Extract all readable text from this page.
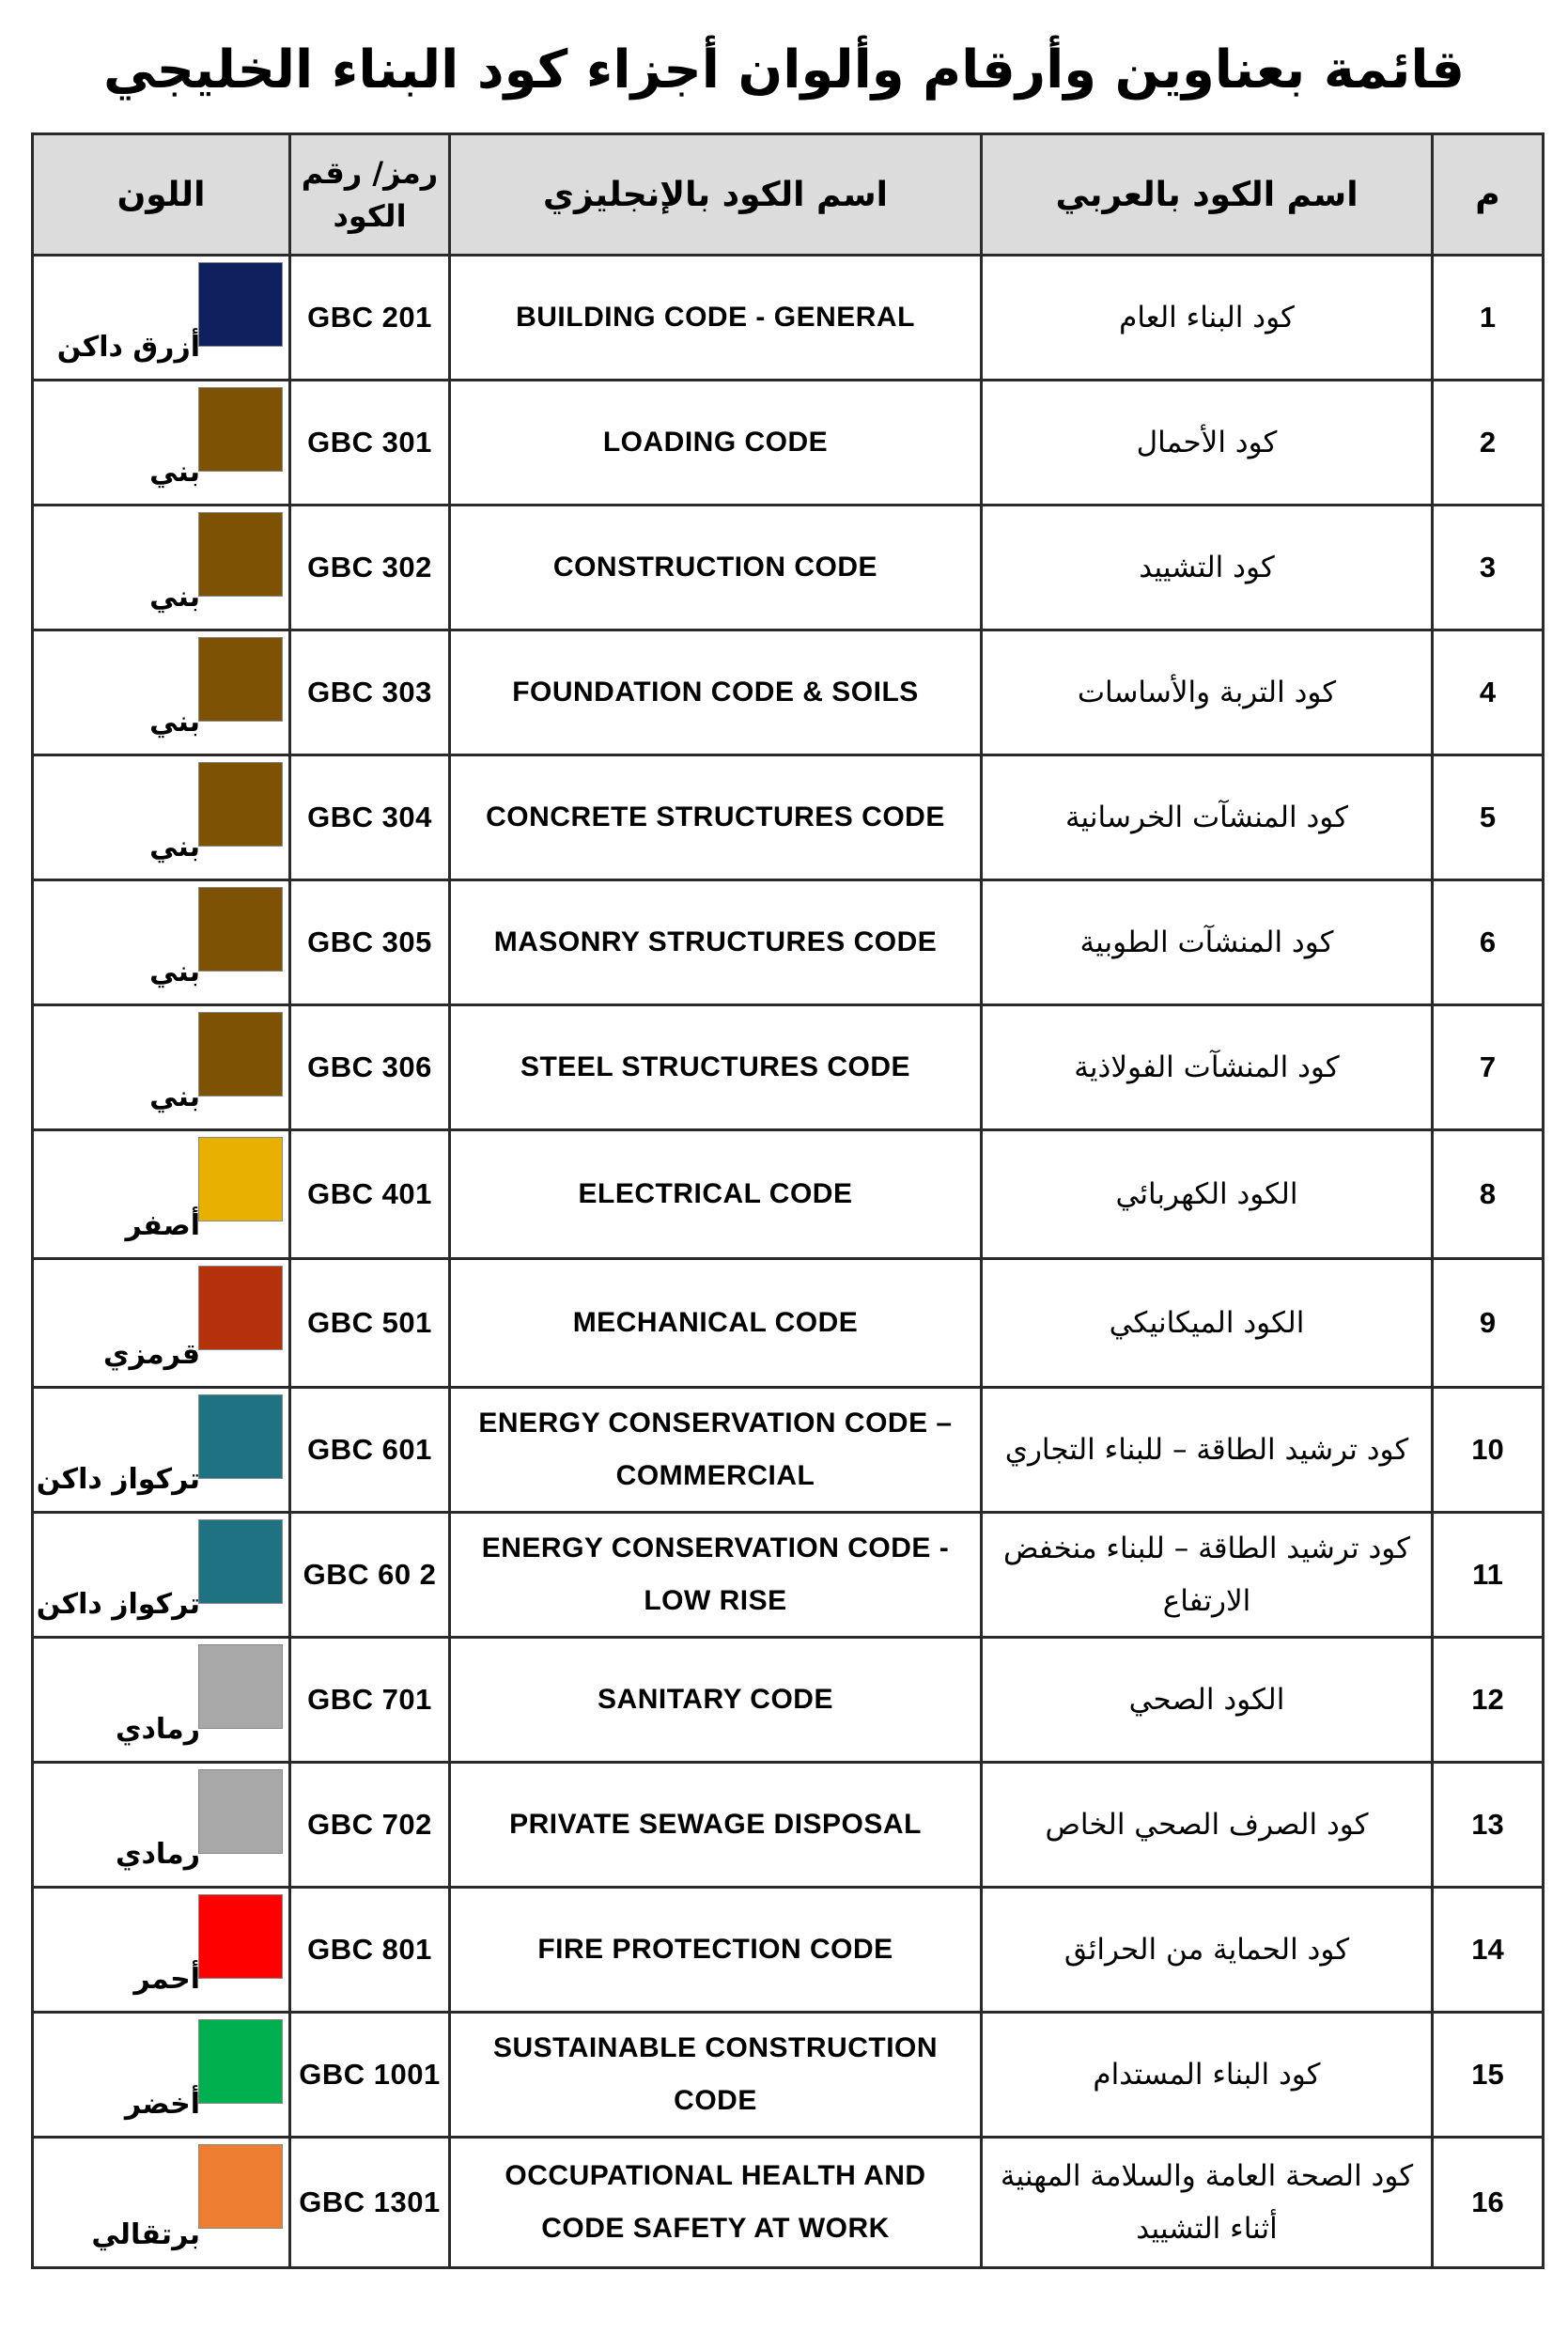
قائمة بعناوين وأرقام وألوان أجزاء كود البناء الخليجي
اللون	رمز/ رقم الكود	اسم الكود بالإنجليزي	اسم الكود بالعربي	م

أزرق داكن	GBC 201	BUILDING CODE - GENERAL	كود البناء العام	1

بني	GBC 301	LOADING CODE	كود الأحمال	2

بني	GBC 302	CONSTRUCTION CODE	كود التشييد	3

بني	GBC 303	FOUNDATION CODE & SOILS	كود التربة والأساسات	4

بني	GBC 304	CONCRETE STRUCTURES CODE	كود المنشآت الخرسانية	5

بني	GBC 305	MASONRY STRUCTURES CODE	كود المنشآت الطوبية	6

بني	GBC 306	STEEL STRUCTURES CODE	كود المنشآت الفولاذية	7

أصفر	GBC 401	ELECTRICAL CODE	الكود الكهربائي	8

قرمزي	GBC 501	MECHANICAL CODE	الكود الميكانيكي	9

تركواز داكن	GBC 601	ENERGY CONSERVATION CODE – COMMERCIAL	كود ترشيد الطاقة – للبناء التجاري	10

تركواز داكن	GBC 60 2	ENERGY CONSERVATION CODE - LOW RISE	كود ترشيد الطاقة – للبناء منخفض الارتفاع	11

رمادي	GBC 701	SANITARY CODE	الكود الصحي	12

رمادي	GBC 702	PRIVATE SEWAGE DISPOSAL	كود الصرف الصحي الخاص	13

أحمر	GBC 801	FIRE PROTECTION CODE	كود الحماية من الحرائق	14

أخضر	GBC 1001	SUSTAINABLE CONSTRUCTION CODE	كود البناء المستدام	15

برتقالي	GBC 1301	OCCUPATIONAL HEALTH AND CODE SAFETY AT WORK	كود الصحة العامة والسلامة المهنية أثناء التشييد	16
